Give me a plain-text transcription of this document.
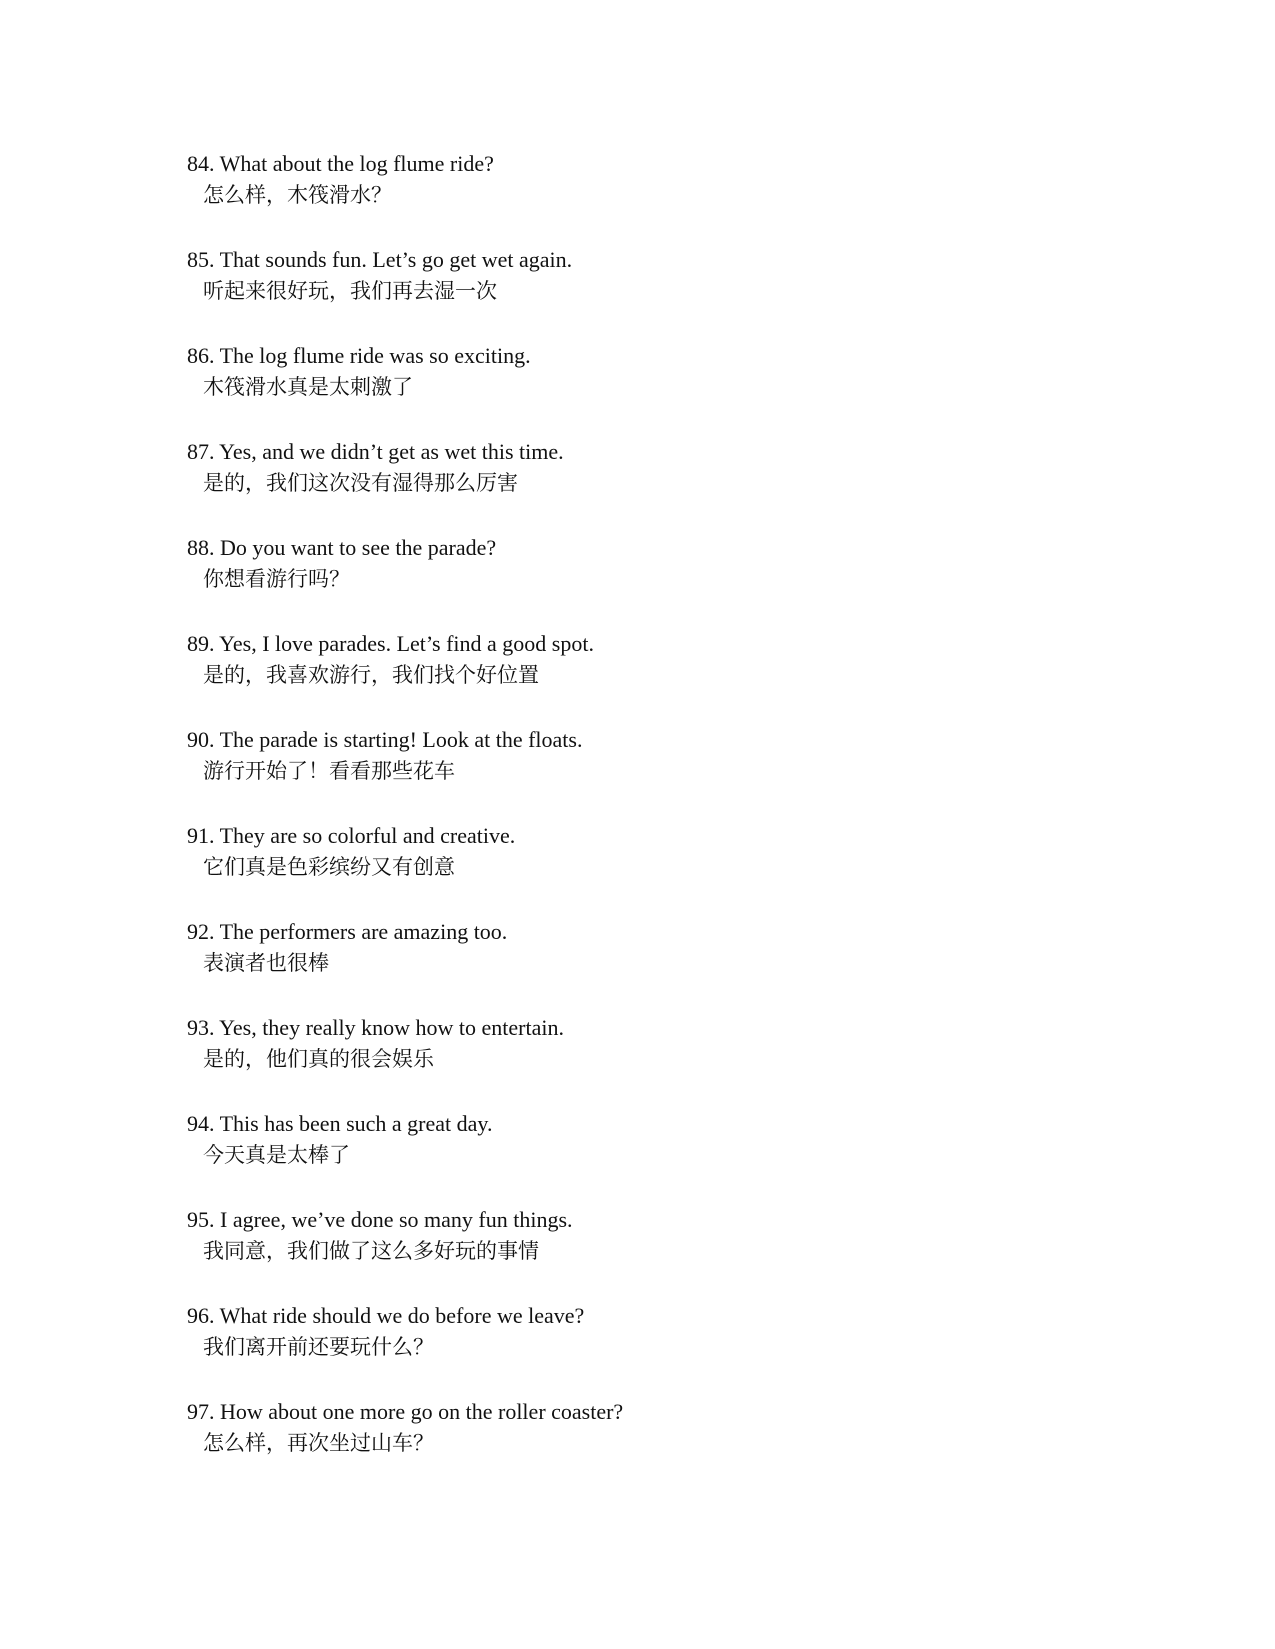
84. What about the log flume ride?
怎么样，木筏滑水？
85. That sounds fun. Let’s go get wet again.
听起来很好玩，我们再去湿一次
86. The log flume ride was so exciting.
木筏滑水真是太刺激了
87. Yes, and we didn’t get as wet this time.
是的，我们这次没有湿得那么厉害
88. Do you want to see the parade?
你想看游行吗？
89. Yes, I love parades. Let’s find a good spot.
是的，我喜欢游行，我们找个好位置
90. The parade is starting! Look at the floats.
游行开始了！看看那些花车
91. They are so colorful and creative.
它们真是色彩缤纷又有创意
92. The performers are amazing too.
表演者也很棒
93. Yes, they really know how to entertain.
是的，他们真的很会娱乐
94. This has been such a great day.
今天真是太棒了
95. I agree, we’ve done so many fun things.
我同意，我们做了这么多好玩的事情
96. What ride should we do before we leave?
我们离开前还要玩什么？
97. How about one more go on the roller coaster?
怎么样，再次坐过山车？
